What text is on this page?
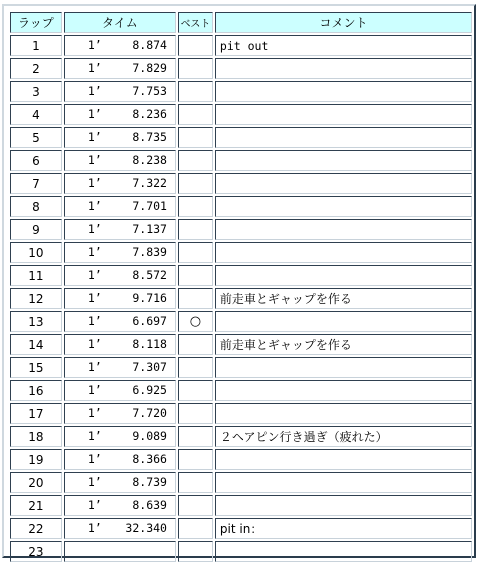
ラップ	タイム	ベスト	コメント
1	1’ 8.874		pit out
2	1’ 7.829		

3	1’ 7.753		

4	1’ 8.236		

5	1’ 8.735		

6	1’ 8.238		

7	1’ 7.322		

8	1’ 7.701		

9	1’ 7.137		

10	1’ 7.839		

11	1’ 8.572		

12	1’ 9.716		前走車とギャップを作る
13	1’ 6.697	○	
14	1’ 8.118		前走車とギャップを作る
15	1’ 7.307		

16	1’ 6.925		

17	1’ 7.720		

18	1’ 9.089		２ヘアピン行き過ぎ（疲れた）
19	1’ 8.366		

20	1’ 8.739		

21	1’ 8.639		

22	1’ 32.340		pit in：
23	
